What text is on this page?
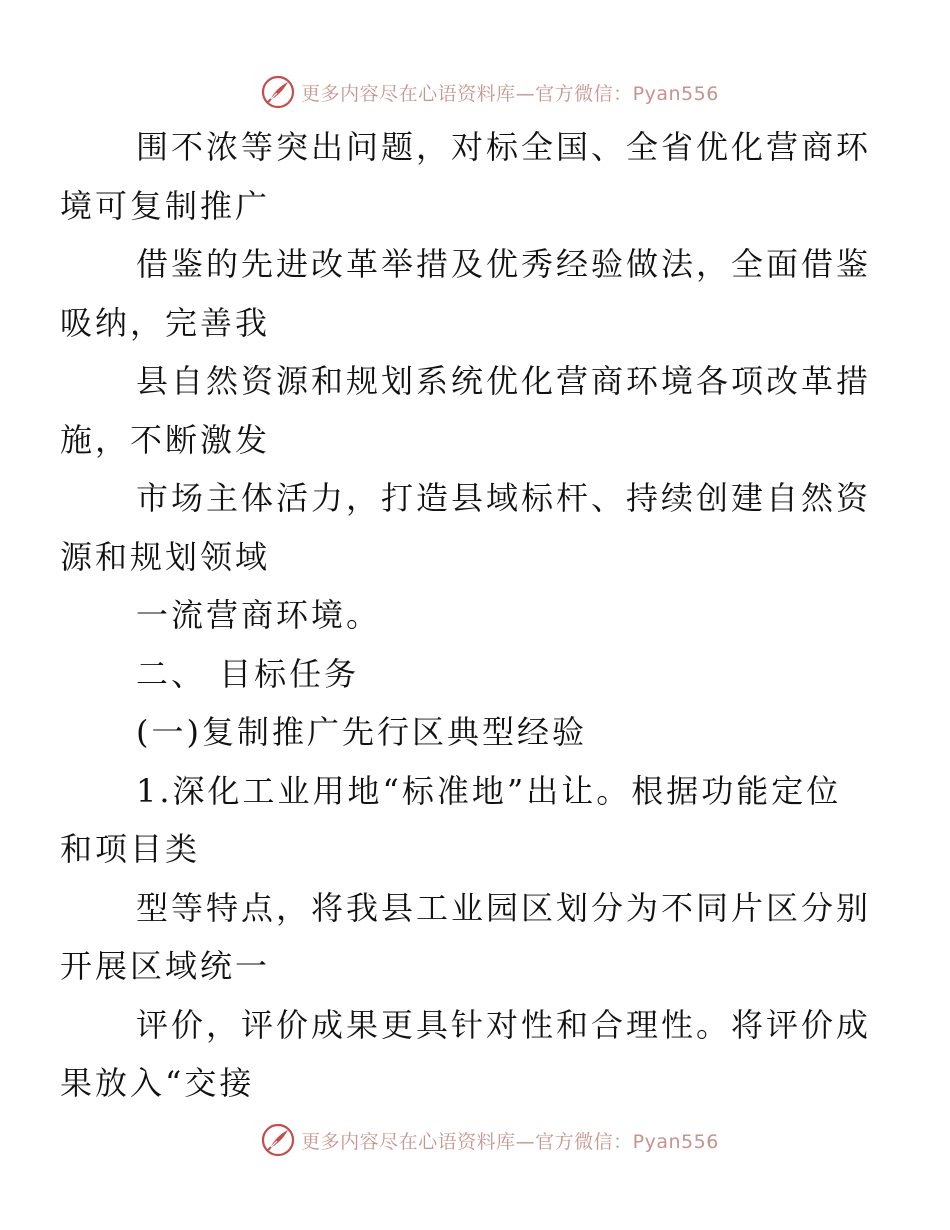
更多内容尽在心语资料库—官方微信：Pyan556

围不浓等突出问题，对标全国、全省优化营商环
境可复制推广

借鉴的先进改革举措及优秀经验做法，全面借鉴
吸纳，完善我

县自然资源和规划系统优化营商环境各项改革措
施，不断激发

市场主体活力，打造县域标杆、持续创建自然资
源和规划领域

一流营商环境。

二、 目标任务

(一)复制推广先行区典型经验

1.深化工业用地“标准地”出让。根据功能定位
和项目类

型等特点，将我县工业园区划分为不同片区分别
开展区域统一

评价，评价成果更具针对性和合理性。将评价成
果放入“交接

更多内容尽在心语资料库—官方微信：Pyan556
